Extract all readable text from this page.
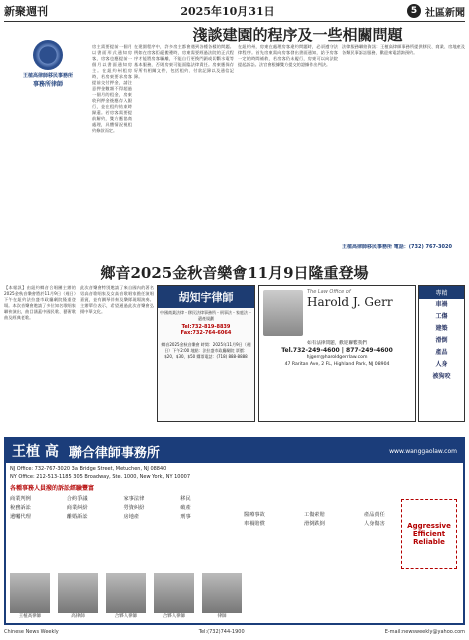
新聚週刊	2025年10月31日	5 社區新聞
淺談建園的程序及一些相關問題
王植高律師移民事務所
事務所律師
房主需要提前一個月以書面形式通知房客，房客也應提前一個月以書面通知房主。在紐約州租房時，若房東要求房客提前交付押金，請注意押金數額不得超過一個月的租金，房東收到押金後應存入銀行，並在租約結束時歸還。若房客需要提前解約，雙方應協商處理，具體情況視租約條款而定。
在建園程序中，許多房主都會遇到各種各樣的問題。例如在房客拒絕搬遷時，房東需要經過法院的正式程序才能將房客驅離，不能自行更換門鎖或切斷水電等基本服務，否則房東可能面臨法律責任。房東應保存好所有相關文件，包括租約、付款記錄以及通信記錄。
在紐約州，房東在處理房客違約問題時，必須遵守法律程序。首先房東需向房客發出書面通知，給予房客一定的時間補救，若房客仍未履行，房東可以向法院提起訴訟。法官會根據雙方提交的證據作出判決。
法律服務聯絡資訊：王植高律師事務所提供移民、商業、房地產及各類民事訴訟服務，歡迎來電諮詢預約。
王植高律師移民事務所 電話：(732) 767-3020
鄉音2025金秋音樂會11月9日隆重登場
【本報訊】由紐約鄉音合唱團主辦的2025金秋音樂會將於11月9日（週日）下午在紐約法拉盛市政廳劇院隆重登場。本次音樂會邀請了多位知名歌唱家聯袂演出，曲目涵蓋中國民歌、藝術歌曲及經典老歌。
此次音樂會特別邀請了來自國內的著名男高音歌唱家及女高音歌唱家擔任演唱嘉賓，並有鋼琴伴奏及樂隊現場演奏。主辦單位表示，希望通過此次音樂會弘揚中華文化。
胡知宇律師
中國商業法律・移民法律事務所・刑事法・家庭法・遺產規劃
Tel:732-819-8839
Fax:732-764-6064
鄉音2025金秋音樂會 時間：2025年11月9日（週日）下午2:00 地點：法拉盛市政廳劇院 票價：$20、$30、$50 購票電話：(718) 888-8888
The Law Office of
Harold J. Gerr
如有法律問題，歡迎聯繫我們
Tel.732-249-4600 | 877-249-4600
hjgerr@haroldgerrlaw.com
47 Raritan Ave, 2 FL, Highland Park, NJ 08904
專精
車禍
工傷
建築
滑倒
產品
人身
被狗咬
王植 高 聯合律師事務所	www.wanggaolaw.com
NJ Office: 732-767-3020 3a Bridge Street, Metuchen, NJ 08840
NY Office: 212-513-1185 305 Broadway, Ste. 1000, New York, NY 10007
各種事務人員潑的訴訟經驗豐富
商業判例
稅務訴訟
遺囑代理
合約爭議
商業糾紛
離婚訴訟
家事法律
勞資糾紛
房地產
移民
破產
刑事	醫療事故
車禍賠償
工傷索賠
滑倒跌倒
產品責任
人身傷害	Aggressive
Efficient
Reliable
王植高律師	高律師	合夥人律師	合夥人律師	律師
Chinese News Weekly	Tel:(732)744-1900	E-mail:newsweekly@yahoo.com
